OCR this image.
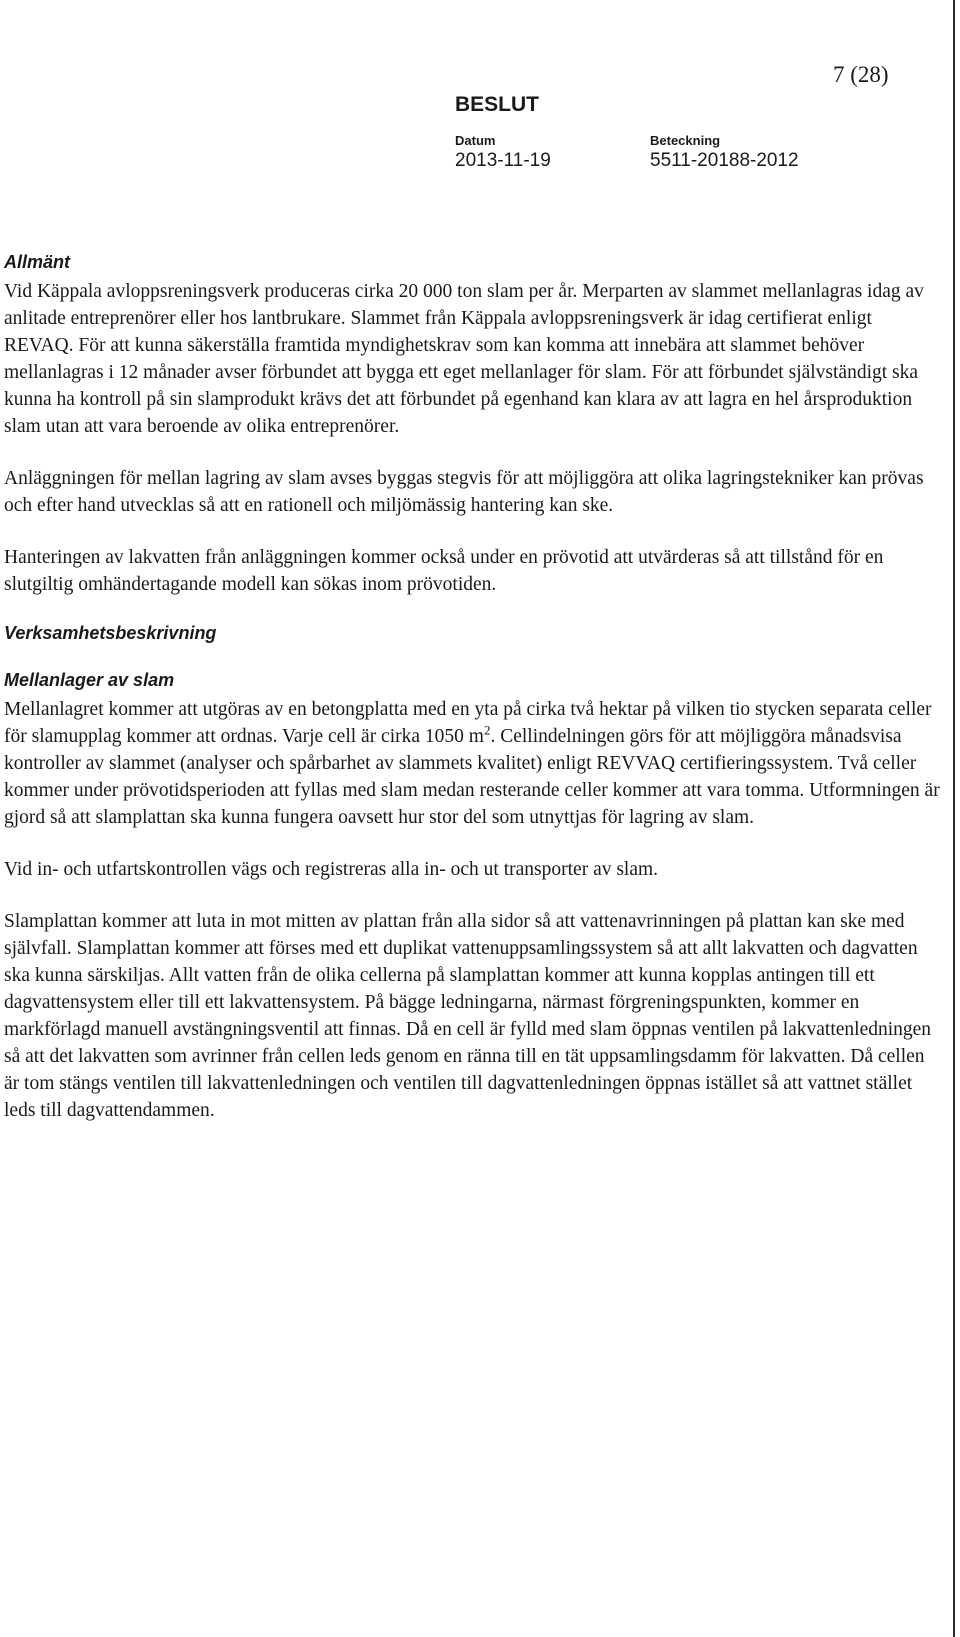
7 (28)
BESLUT
Datum
2013-11-19
Beteckning
5511-20188-2012
Allmänt

Vid Käppala avloppsreningsverk produceras cirka 20 000 ton slam per år. Merparten av slammet mellanlagras idag av anlitade entreprenörer eller hos lantbrukare. Slammet från Käppala avloppsreningsverk är idag certifierat enligt REVAQ. För att kunna säkerställa framtida myndighetskrav som kan komma att innebära att slammet behöver mellanlagras i 12 månader avser förbundet att bygga ett eget mellanlager för slam. För att förbundet självständigt ska kunna ha kontroll på sin slamprodukt krävs det att förbundet på egenhand kan klara av att lagra en hel årsproduktion slam utan att vara beroende av olika entreprenörer.

Anläggningen för mellan lagring av slam avses byggas stegvis för att möjliggöra att olika lagringstekniker kan prövas och efter hand utvecklas så att en rationell och miljömässig hantering kan ske.

Hanteringen av lakvatten från anläggningen kommer också under en prövotid att utvärderas så att tillstånd för en slutgiltig omhändertagande modell kan sökas inom prövotiden.

Verksamhetsbeskrivning
Mellanlager av slam

Mellanlagret kommer att utgöras av en betongplatta med en yta på cirka två hektar på vilken tio stycken separata celler för slamupplag kommer att ordnas. Varje cell är cirka 1050 $m^2$. Cellindelningen görs för att möjliggöra månadsvisa kontroller av slammet (analyser och spårbarhet av slammets kvalitet) enligt REVVAQ certifieringssystem. Två celler kommer under prövotidsperioden att fyllas med slam medan resterande celler kommer att vara tomma. Utformningen är gjord så att slamplattan ska kunna fungera oavsett hur stor del som utnyttjas för lagring av slam.

Vid in- och utfartskontrollen vägs och registreras alla in- och ut transporter av slam.

Slamplattan kommer att luta in mot mitten av plattan från alla sidor så att vattenavrinningen på plattan kan ske med självfall. Slamplattan kommer att förses med ett duplikat vattenuppsamlingssystem så att allt lakvatten och dagvatten ska kunna särskiljas. Allt vatten från de olika cellerna på slamplattan kommer att kunna kopplas antingen till ett dagvattensystem eller till ett lakvattensystem. På bägge ledningarna, närmast förgreningspunkten, kommer en markförlagd manuell avstängningsventil att finnas. Då en cell är fylld med slam öppnas ventilen på lakvattenledningen så att det lakvatten som avrinner från cellen leds genom en ränna till en tät uppsamlingsdamm för lakvatten. Då cellen är tom stängs ventilen till lakvattenledningen och ventilen till dagvattenledningen öppnas istället så att vattnet stället leds till dagvattendammen.
